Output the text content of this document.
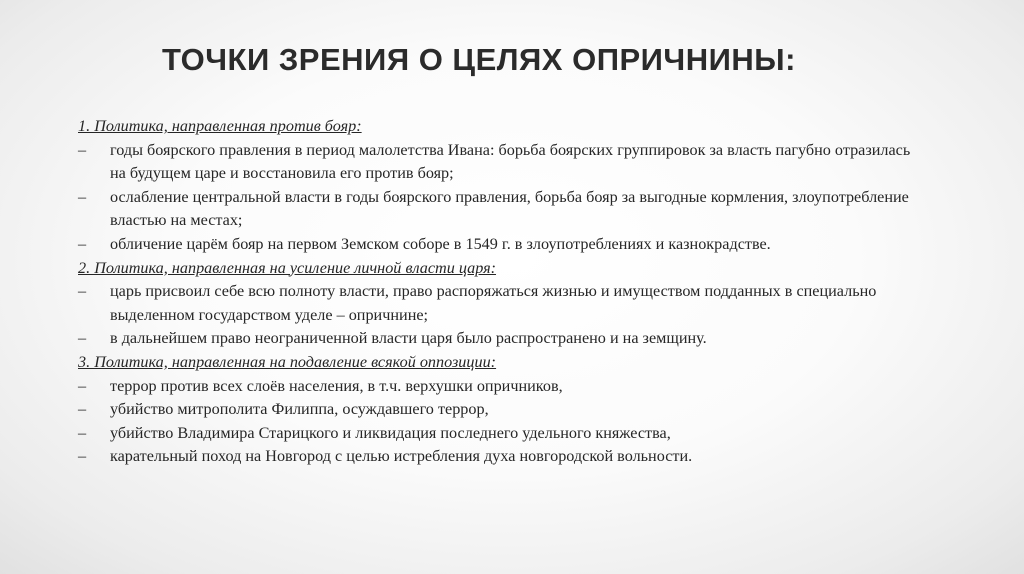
ТОЧКИ ЗРЕНИЯ О ЦЕЛЯХ ОПРИЧНИНЫ:
1. Политика, направленная против бояр:
– годы боярского правления в период малолетства Ивана: борьба боярских группировок за власть пагубно отразилась на будущем царе и восстановила его против бояр;
– ослабление центральной власти в годы боярского правления, борьба бояр за выгодные кормления, злоупотребление властью на местах;
– обличение царём бояр на первом Земском соборе в 1549 г. в злоупотреблениях и казнокрадстве.
2. Политика, направленная на усиление личной власти царя:
– царь присвоил себе всю полноту власти, право распоряжаться жизнью и имуществом подданных в специально выделенном государством уделе – опричнине;
– в дальнейшем право неограниченной власти царя было распространено и на земщину.
3. Политика, направленная на подавление всякой оппозиции:
– террор против всех слоёв населения, в т.ч. верхушки опричников,
– убийство митрополита Филиппа, осуждавшего террор,
– убийство Владимира Старицкого и ликвидация последнего удельного княжества,
– карательный поход на Новгород с целью истребления духа новгородской вольности.
